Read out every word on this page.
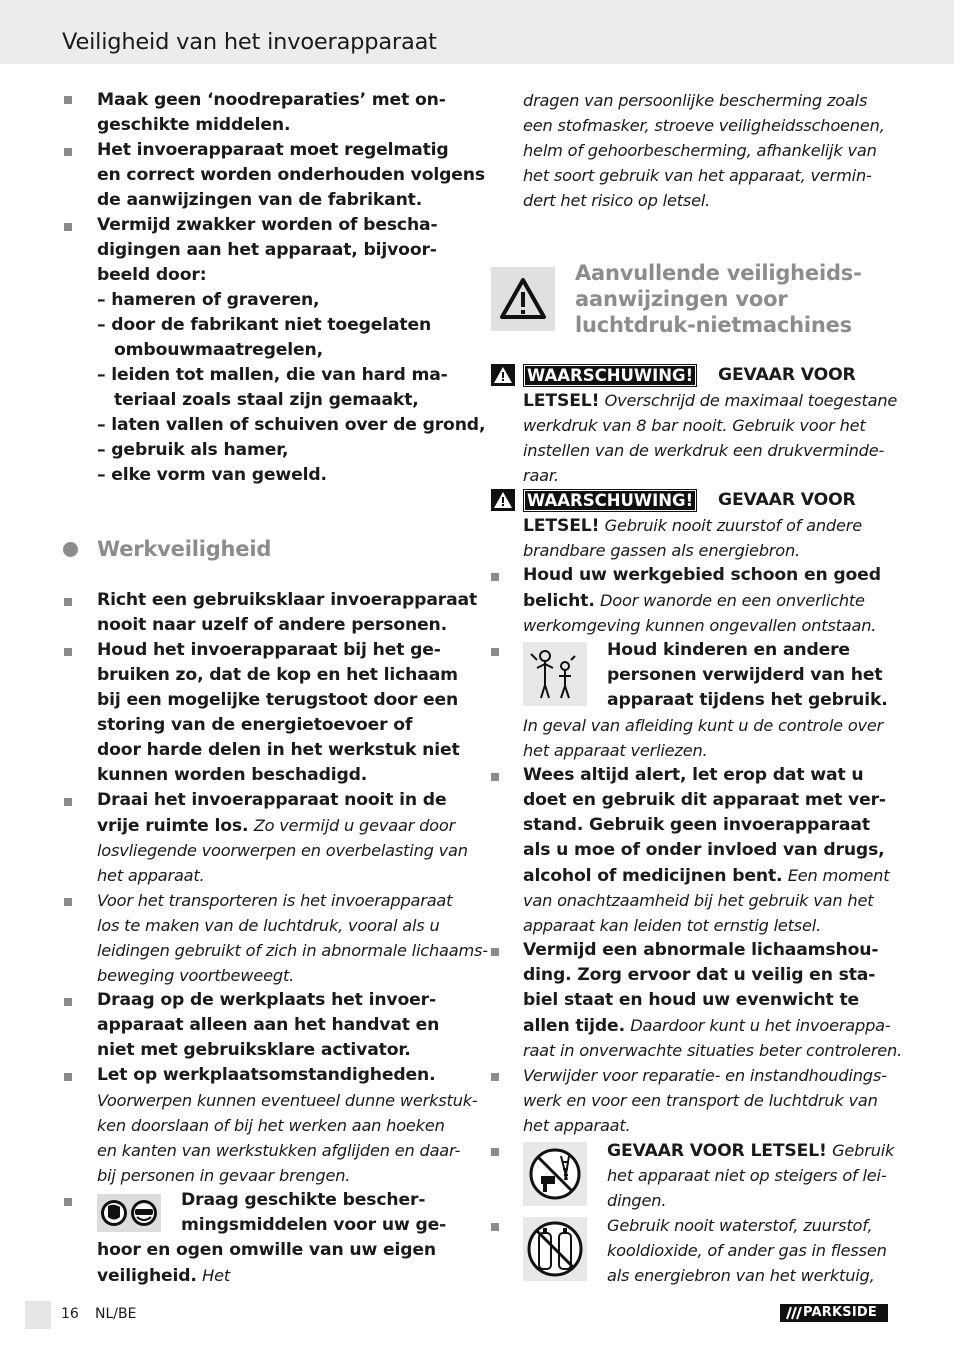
Veiligheid van het invoerapparaat
Maak geen ‘noodreparaties’ met on-
geschikte middelen.
Het invoerapparaat moet regelmatig
en correct worden onderhouden volgens
de aanwijzingen van de fabrikant.
Vermijd zwakker worden of bescha-
digingen aan het apparaat, bijvoor-
beeld door:
– hameren of graveren,
– door de fabrikant niet toegelaten
ombouwmaatregelen,
– leiden tot mallen, die van hard ma-
teriaal zoals staal zijn gemaakt,
– laten vallen of schuiven over de grond,
– gebruik als hamer,
– elke vorm van geweld.
Werkveiligheid
Richt een gebruiksklaar invoerapparaat
nooit naar uzelf of andere personen.
Houd het invoerapparaat bij het ge-
bruiken zo, dat de kop en het lichaam
bij een mogelijke terugstoot door een
storing van de energietoevoer of
door harde delen in het werkstuk niet
kunnen worden beschadigd.
Draai het invoerapparaat nooit in de
vrije ruimte los. Zo vermijd u gevaar door
losvliegende voorwerpen en overbelasting van
het apparaat.
Voor het transporteren is het invoerapparaat
los te maken van de luchtdruk, vooral als u
leidingen gebruikt of zich in abnormale lichaams-
beweging voortbeweegt.
Draag op de werkplaats het invoer-
apparaat alleen aan het handvat en
niet met gebruiksklare activator.
Let op werkplaatsomstandigheden.
Voorwerpen kunnen eventueel dunne werkstuk-
ken doorslaan of bij het werken aan hoeken
en kanten van werkstukken afglijden en daar-
bij personen in gevaar brengen.
Draag geschikte bescher-
mingsmiddelen voor uw ge-
hoor en ogen omwille van uw eigen
veiligheid. Het
dragen van persoonlijke bescherming zoals
een stofmasker, stroeve veiligheidsschoenen,
helm of gehoorbescherming, afhankelijk van
het soort gebruik van het apparaat, vermin-
dert het risico op letsel.
Aanvullende veiligheids-
aanwijzingen voor
luchtdruk-nietmachines
WAARSCHUWING! GEVAAR VOOR
LETSEL! Overschrijd de maximaal toegestane
werkdruk van 8 bar nooit. Gebruik voor het
instellen van de werkdruk een drukverminde-
raar.
WAARSCHUWING! GEVAAR VOOR
LETSEL! Gebruik nooit zuurstof of andere
brandbare gassen als energiebron.
Houd uw werkgebied schoon en goed
belicht. Door wanorde en een onverlichte
werkomgeving kunnen ongevallen ontstaan.
Houd kinderen en andere
personen verwijderd van het
apparaat tijdens het gebruik.
In geval van afleiding kunt u de controle over
het apparaat verliezen.
Wees altijd alert, let erop dat wat u
doet en gebruik dit apparaat met ver-
stand. Gebruik geen invoerapparaat
als u moe of onder invloed van drugs,
alcohol of medicijnen bent. Een moment
van onachtzaamheid bij het gebruik van het
apparaat kan leiden tot ernstig letsel.
Vermijd een abnormale lichaamshou-
ding. Zorg ervoor dat u veilig en sta-
biel staat en houd uw evenwicht te
allen tijde. Daardoor kunt u het invoerappa-
raat in onverwachte situaties beter controleren.
Verwijder voor reparatie- en instandhoudings-
werk en voor een transport de luchtdruk van
het apparaat.
GEVAAR VOOR LETSEL! Gebruik
het apparaat niet op steigers of lei-
dingen.
Gebruik nooit waterstof, zuurstof,
kooldioxide, of ander gas in flessen
als energiebron van het werktuig,
16 NL/BE	PARKSIDE
